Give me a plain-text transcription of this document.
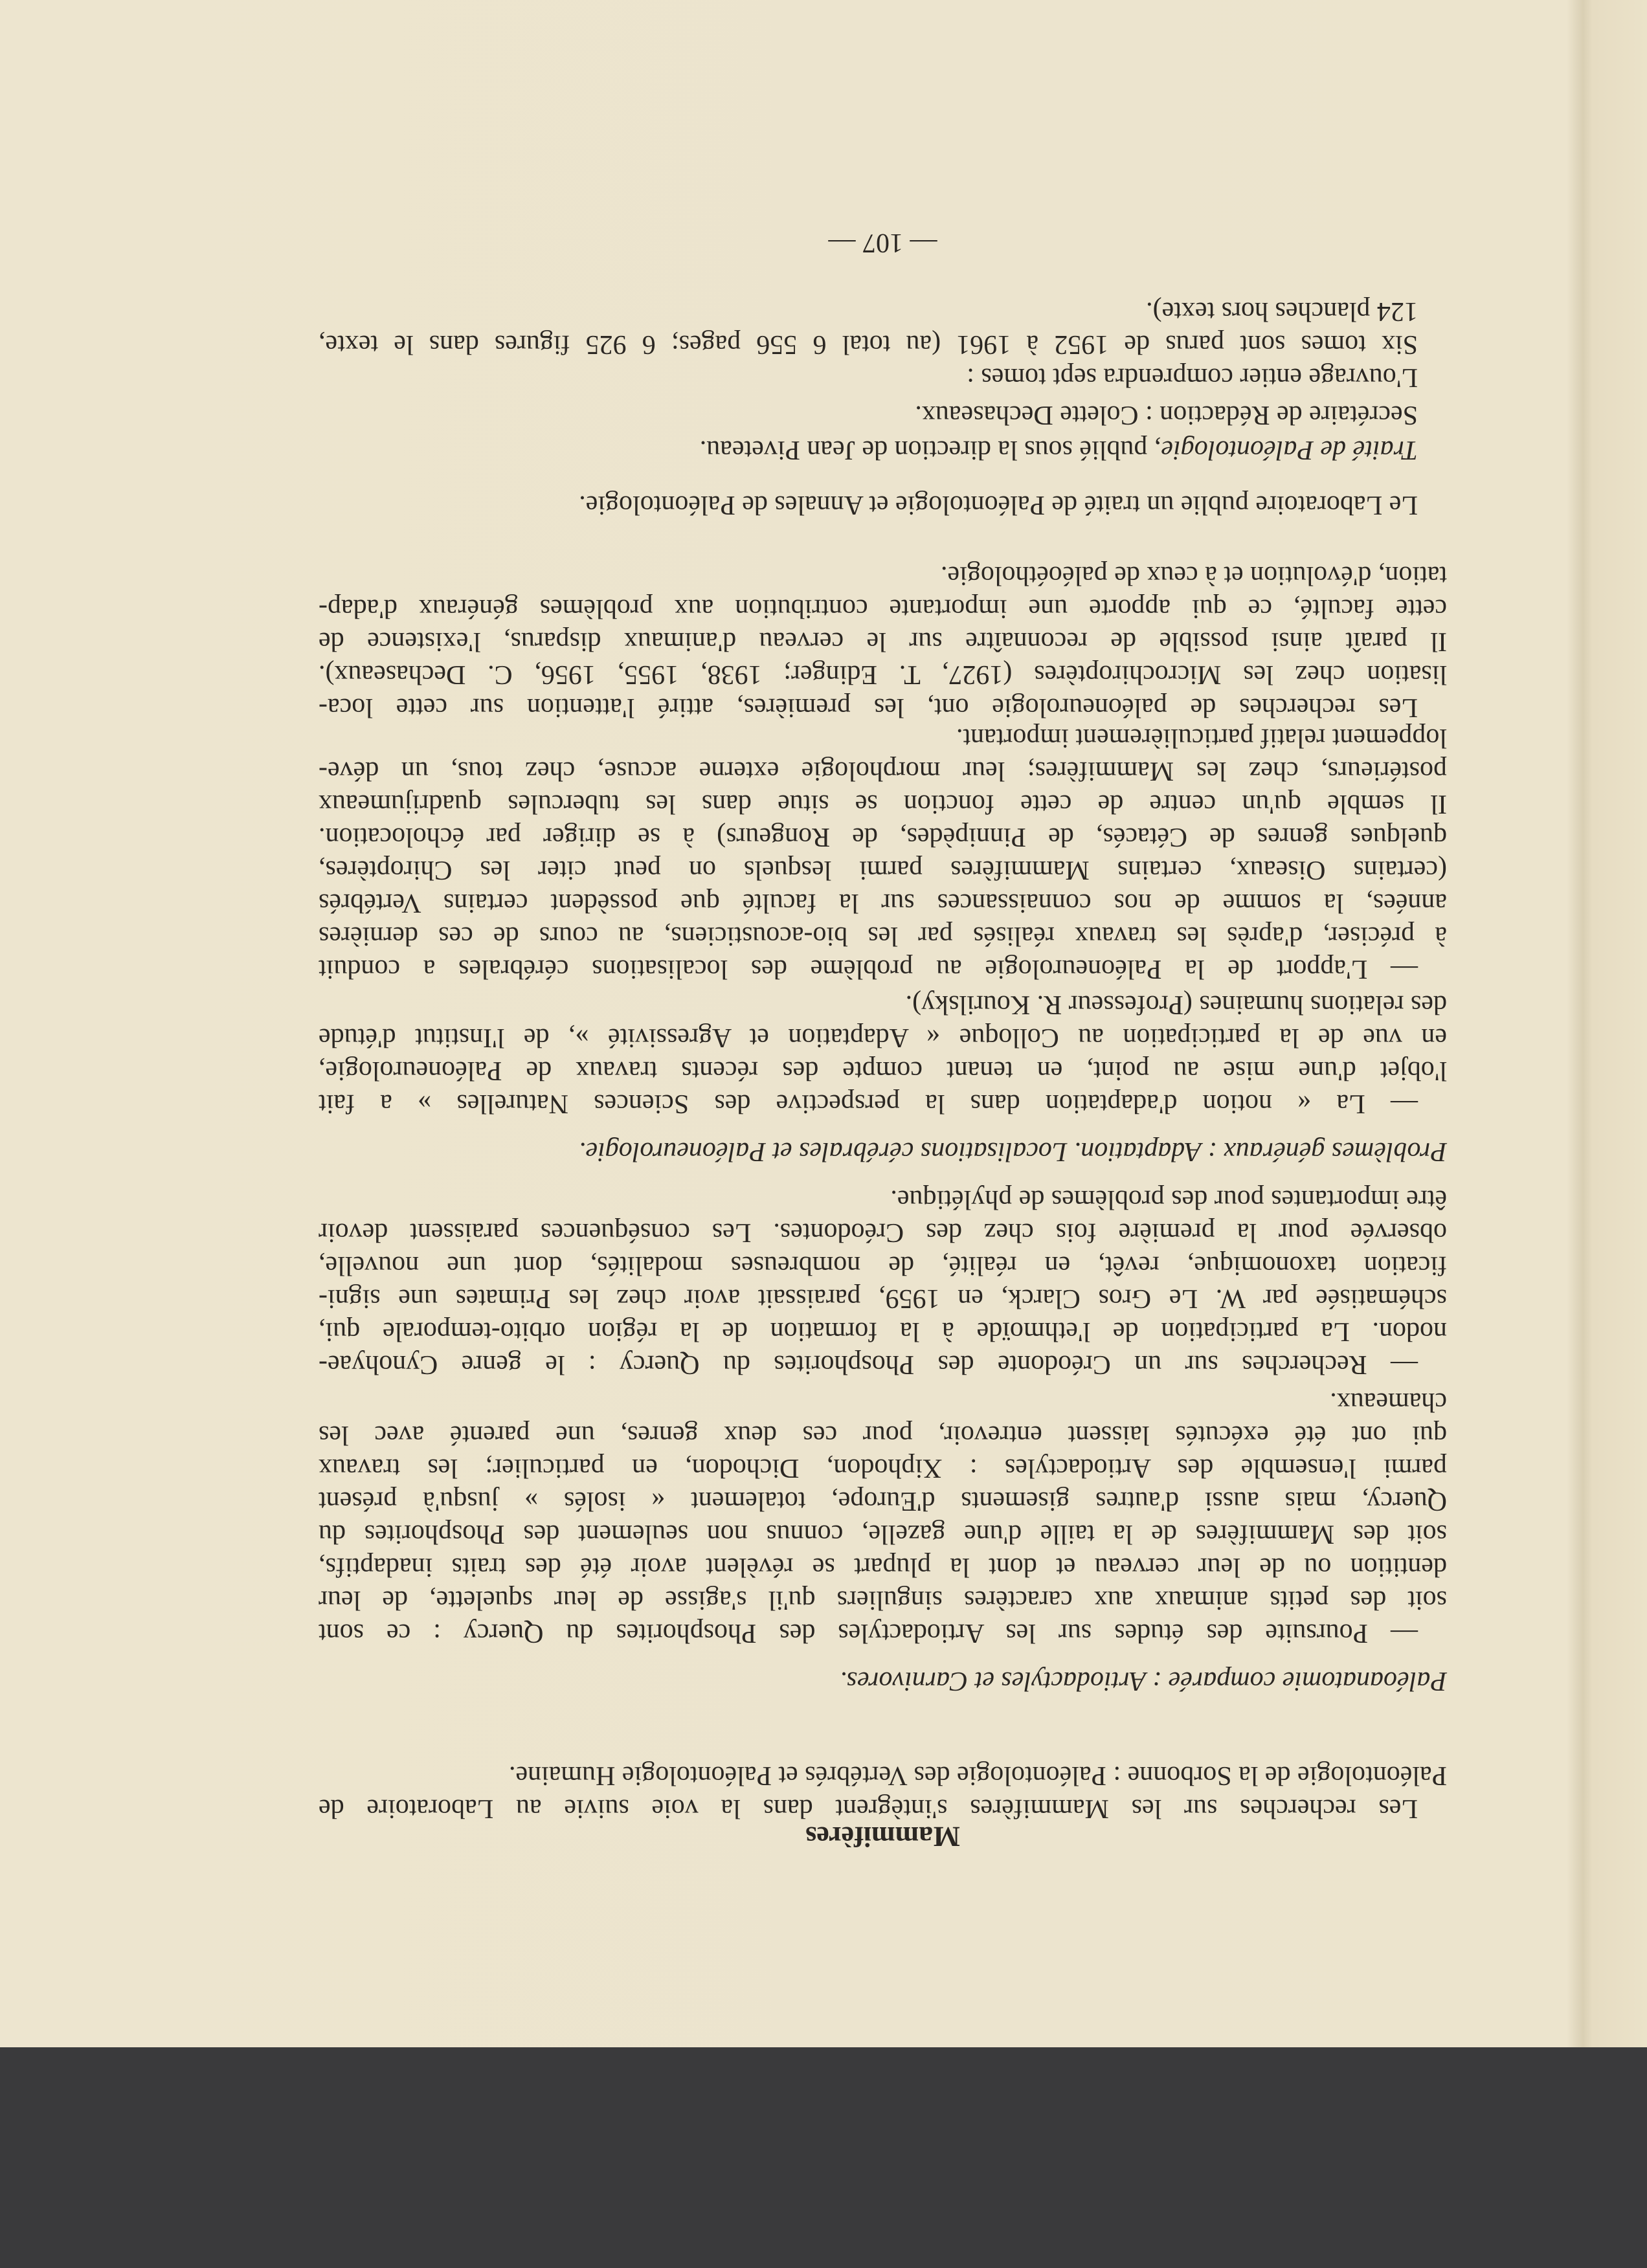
Mammifères
— 107 —
Les recherches sur les Mammifères s'intègrent dans la voie suivie au Laboratoire de
Paléontologie de la Sorbonne : Paléontologie des Vertébrés et Paléontologie Humaine.
Paléoanatomie comparée : Artiodactyles et Carnivores.
— Poursuite des études sur les Artiodactyles des Phosphorites du Quercy : ce sont
soit des petits animaux aux caractères singuliers qu'il s'agisse de leur squelette, de leur
dentition ou de leur cerveau et dont la plupart se révèlent avoir été des traits inadaptifs,
soit des Mammifères de la taille d'une gazelle, connus non seulement des Phosphorites du
Quercy, mais aussi d'autres gisements d'Europe, totalement « isolés » jusqu'à présent
parmi l'ensemble des Artiodactyles : Xiphodon, Dichodon, en particulier; les travaux
qui ont été exécutés laissent entrevoir, pour ces deux genres, une parenté avec les
chameaux.
— Recherches sur un Créodonte des Phosphorites du Quercy : le genre Cynohyae-
nodon. La participation de l'ethmoïde à la formation de la région orbito-temporale qui,
schématisée par W. Le Gros Clarck, en 1959, paraissait avoir chez les Primates une signi-
fication taxonomique, revêt, en réalité, de nombreuses modalités, dont une nouvelle,
observée pour la première fois chez des Créodontes. Les conséquences paraissent devoir
être importantes pour des problèmes de phylétique.
Problèmes généraux : Adaptation. Localisations cérébrales et Paléoneurologie.
— La « notion d'adaptation dans la perspective des Sciences Naturelles » a fait
l'objet d'une mise au point, en tenant compte des récents travaux de Paléoneurologie,
en vue de la participation au Colloque « Adaptation et Agressivité », de l'Institut d'étude
des relations humaines (Professeur R. Kourilsky).
— L'apport de la Paléoneurologie au problème des localisations cérébrales a conduit
à préciser, d'après les travaux réalisés par les bio-acousticiens, au cours de ces dernières
années, la somme de nos connaissances sur la faculté que possèdent certains Vertébrés
(certains Oiseaux, certains Mammifères parmi lesquels on peut citer les Chiroptères,
quelques genres de Cétacés, de Pinnipèdes, de Rongeurs) à se diriger par écholocation.
Il semble qu'un centre de cette fonction se situe dans les tubercules quadrijumeaux
postérieurs, chez les Mammifères; leur morphologie externe accuse, chez tous, un déve-
loppement relatif particulièrement important.
Les recherches de paléoneurologie ont, les premières, attiré l'attention sur cette loca-
lisation chez les Microchiroptères (1927, T. Edinger; 1938, 1955, 1956, C. Dechaseaux).
Il paraît ainsi possible de reconnaître sur le cerveau d'animaux disparus, l'existence de
cette faculté, ce qui apporte une importante contribution aux problèmes généraux d'adap-
tation, d'évolution et à ceux de paléoéthologie.
Le Laboratoire publie un traité de Paléontologie et Annales de Paléontologie.
Traité de Paléontologie, publié sous la direction de Jean Piveteau.
Secrétaire de Rédaction : Colette Dechaseaux.
L'ouvrage entier comprendra sept tomes :
Six tomes sont parus de 1952 à 1961 (au total 6 556 pages; 6 925 figures dans le texte,
124 planches hors texte).
